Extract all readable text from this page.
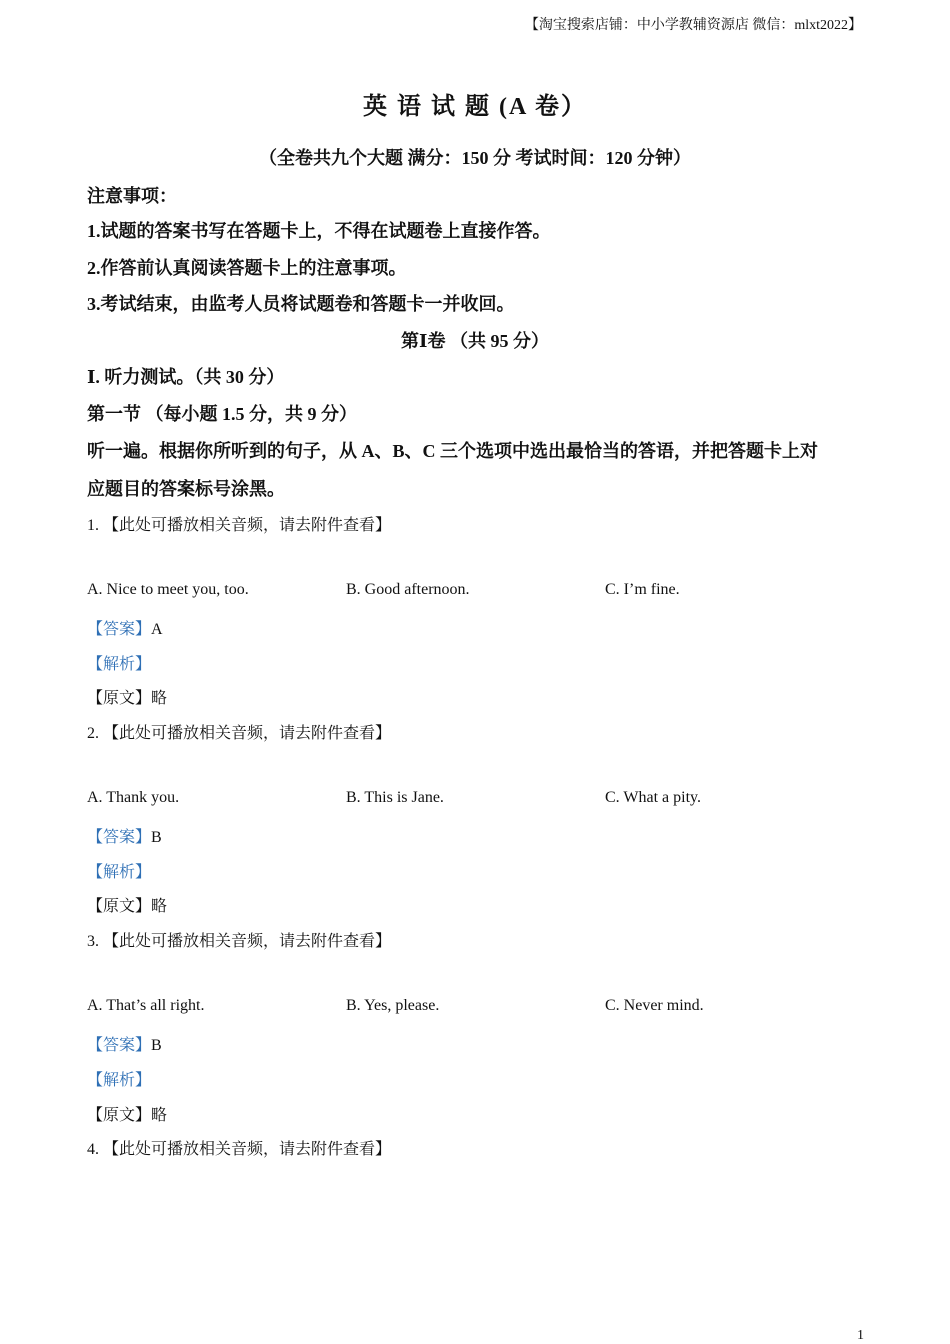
【淘宝搜索店铺：中小学教辅资源店 微信：mlxt2022】
英 语 试 题 (A 卷）
（全卷共九个大题 满分：150 分 考试时间：120 分钟）
注意事项：
1.试题的答案书写在答题卡上，不得在试题卷上直接作答。
2.作答前认真阅读答题卡上的注意事项。
3.考试结束，由监考人员将试题卷和答题卡一并收回。
第Ⅰ卷 （共 95 分）
Ⅰ. 听力测试。（共 30 分）
第一节 （每小题 1.5 分，共 9 分）
听一遍。根据你所听到的句子，从 A、B、C 三个选项中选出最恰当的答语，并把答题卡上对
应题目的答案标号涂黑。
1. 【此处可播放相关音频，请去附件查看】
A. Nice to meet you, too.	B. Good afternoon.	C. I’m fine.
【答案】A
【解析】
【原文】略
2. 【此处可播放相关音频，请去附件查看】
A. Thank you.	B. This is Jane.	C. What a pity.
【答案】B
【解析】
【原文】略
3. 【此处可播放相关音频，请去附件查看】
A. That’s all right.	B. Yes, please.	C. Never mind.
【答案】B
【解析】
【原文】略
4. 【此处可播放相关音频，请去附件查看】
1
